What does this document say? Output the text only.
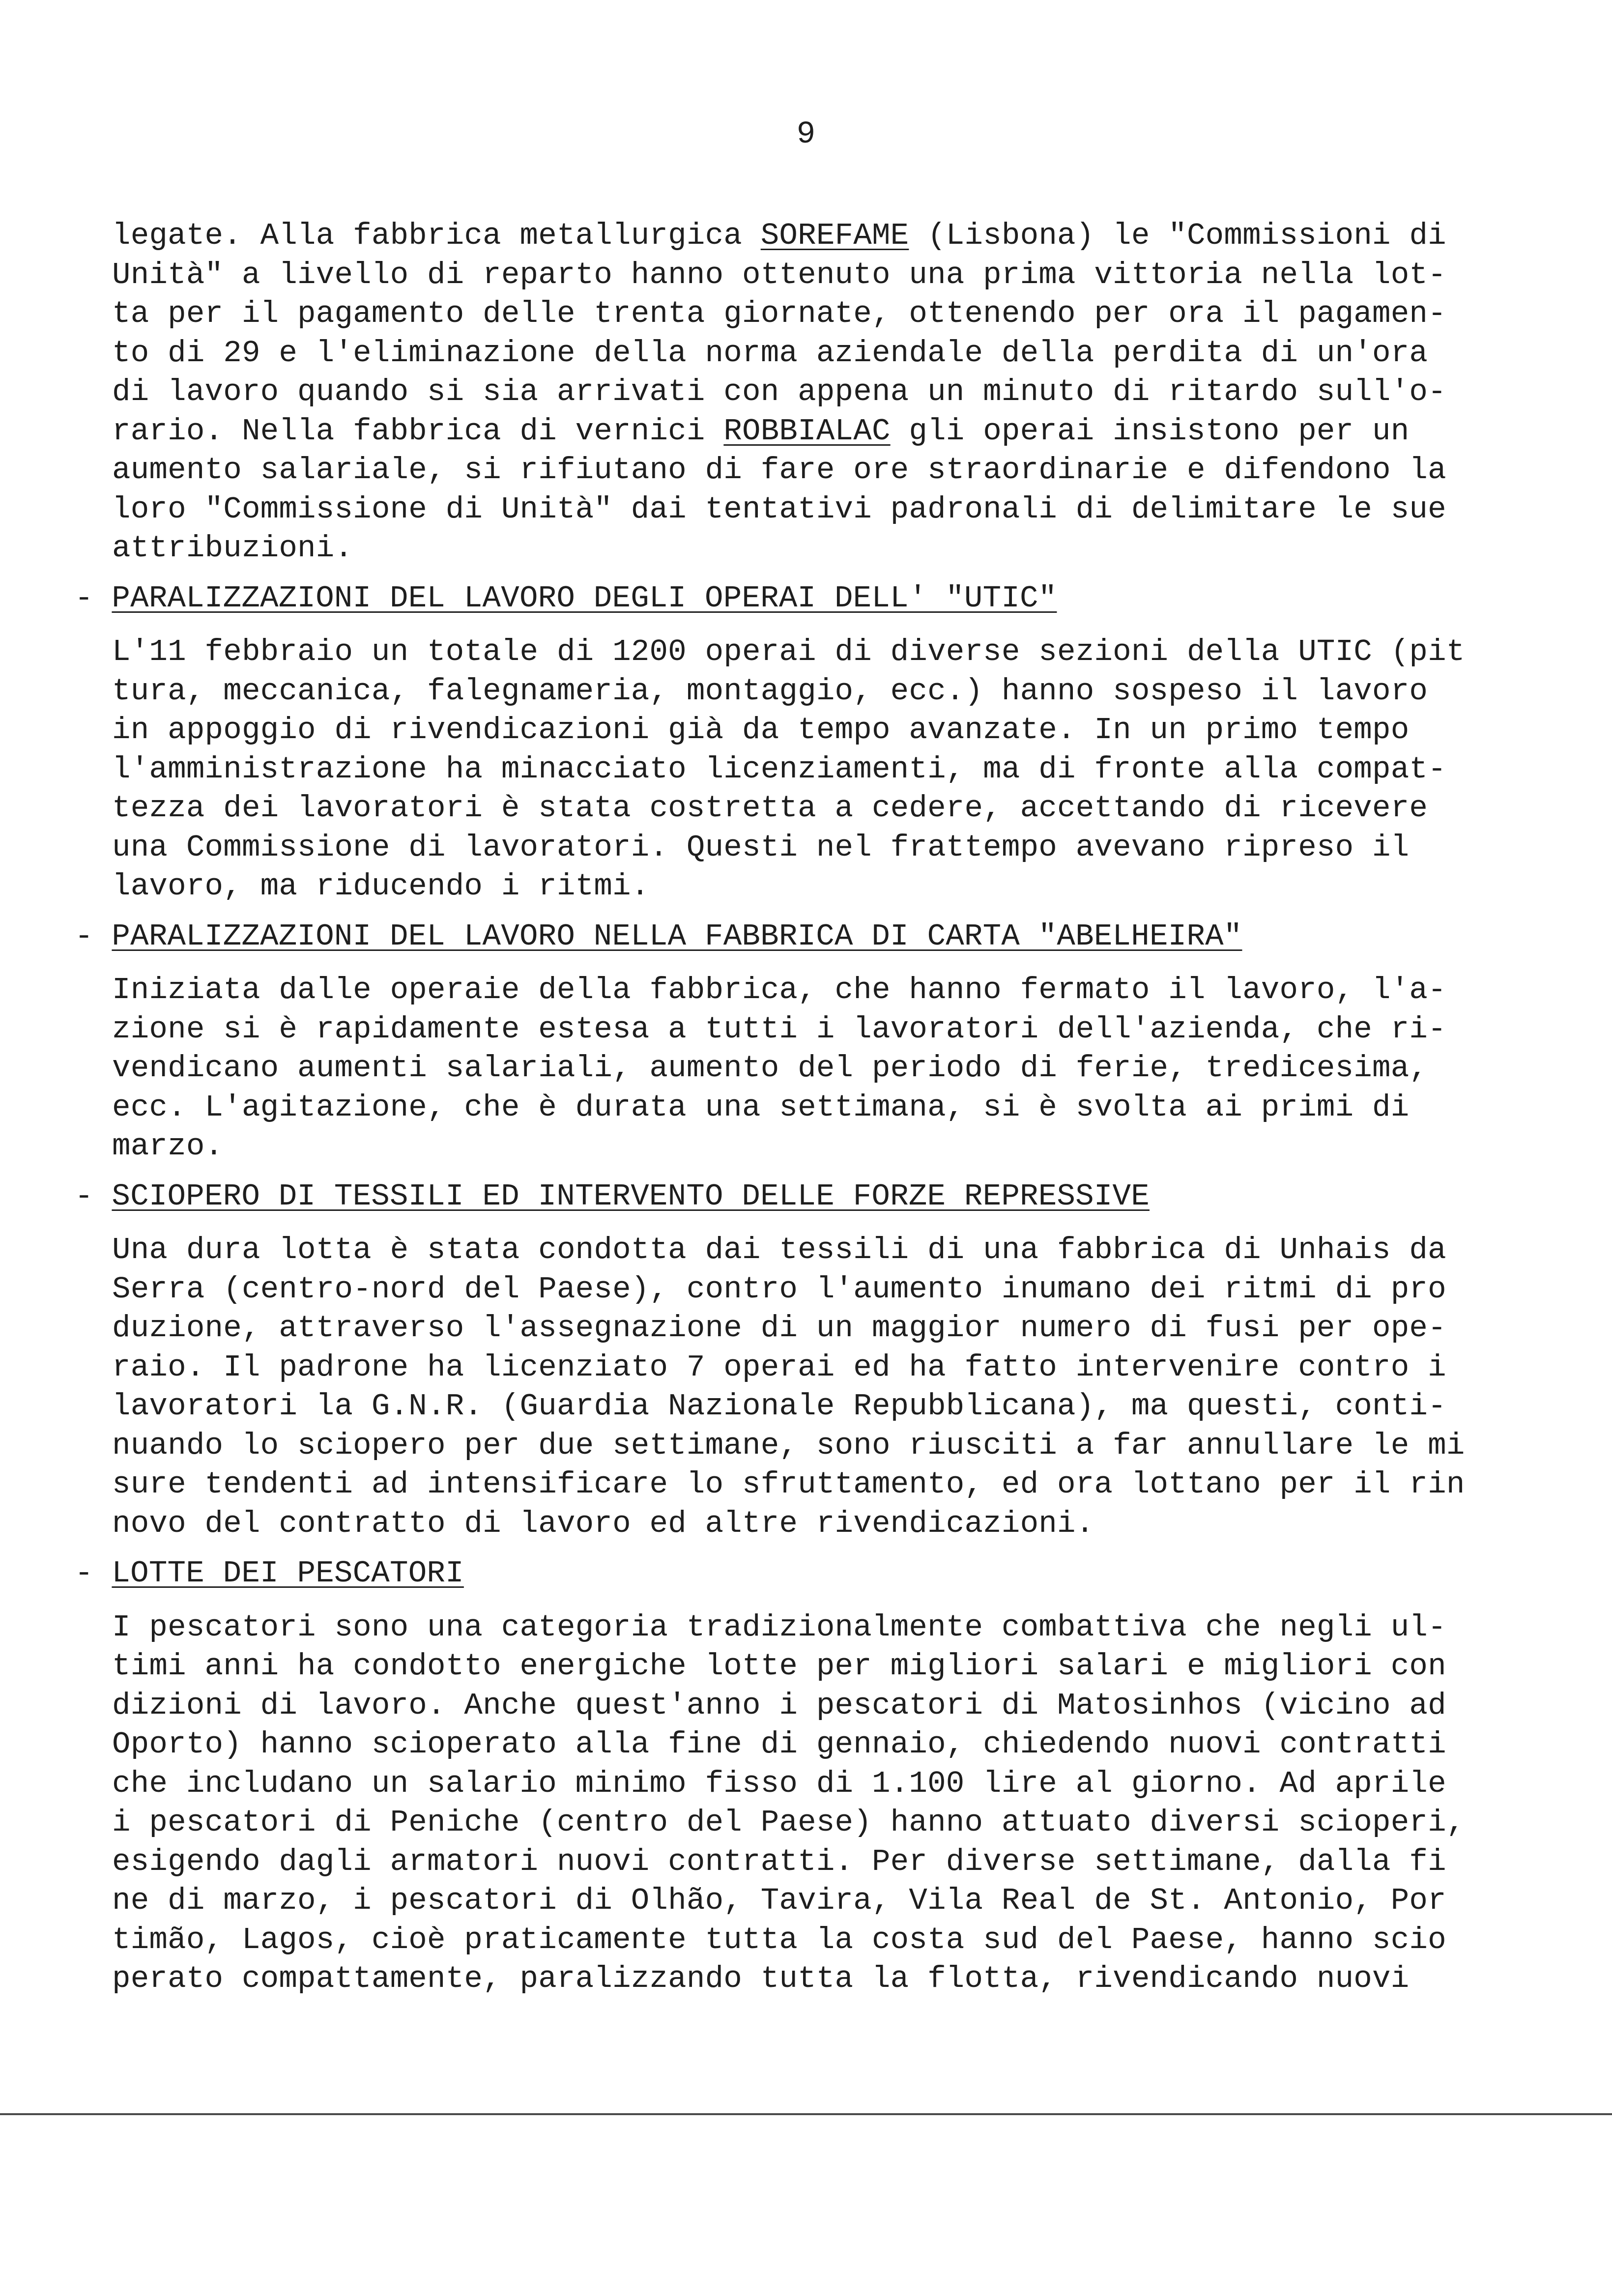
9
legate. Alla fabbrica metallurgica SOREFAME (Lisbona) le "Commissioni di
Unità" a livello di reparto hanno ottenuto una prima vittoria nella lot-
ta per il pagamento delle trenta giornate, ottenendo per ora il pagamen-
to di 29 e l'eliminazione della norma aziendale della perdita di un'ora
di lavoro quando si sia arrivati con appena un minuto di ritardo sull'o-
rario. Nella fabbrica di vernici ROBBIALAC gli operai insistono per un
aumento salariale, si rifiutano di fare ore straordinarie e difendono la
loro "Commissione di Unità" dai tentativi padronali di delimitare le sue
attribuzioni.
- PARALIZZAZIONI DEL LAVORO DEGLI OPERAI DELL' "UTIC"
L'11 febbraio un totale di 1200 operai di diverse sezioni della UTIC (pit
tura, meccanica, falegnameria, montaggio, ecc.) hanno sospeso il lavoro
in appoggio di rivendicazioni già da tempo avanzate. In un primo tempo
l'amministrazione ha minacciato licenziamenti, ma di fronte alla compat-
tezza dei lavoratori è stata costretta a cedere, accettando di ricevere
una Commissione di lavoratori. Questi nel frattempo avevano ripreso il
lavoro, ma riducendo i ritmi.
- PARALIZZAZIONI DEL LAVORO NELLA FABBRICA DI CARTA "ABELHEIRA"
Iniziata dalle operaie della fabbrica, che hanno fermato il lavoro, l'a-
zione si è rapidamente estesa a tutti i lavoratori dell'azienda, che ri-
vendicano aumenti salariali, aumento del periodo di ferie, tredicesima,
ecc. L'agitazione, che è durata una settimana, si è svolta ai primi di
marzo.
- SCIOPERO DI TESSILI ED INTERVENTO DELLE FORZE REPRESSIVE
Una dura lotta è stata condotta dai tessili di una fabbrica di Unhais da
Serra (centro-nord del Paese), contro l'aumento inumano dei ritmi di pro
duzione, attraverso l'assegnazione di un maggior numero di fusi per ope-
raio. Il padrone ha licenziato 7 operai ed ha fatto intervenire contro i
lavoratori la G.N.R. (Guardia Nazionale Repubblicana), ma questi, conti-
nuando lo sciopero per due settimane, sono riusciti a far annullare le mi
sure tendenti ad intensificare lo sfruttamento, ed ora lottano per il rin
novo del contratto di lavoro ed altre rivendicazioni.
- LOTTE DEI PESCATORI
I pescatori sono una categoria tradizionalmente combattiva che negli ul-
timi anni ha condotto energiche lotte per migliori salari e migliori con
dizioni di lavoro. Anche quest'anno i pescatori di Matosinhos (vicino ad
Oporto) hanno scioperato alla fine di gennaio, chiedendo nuovi contratti
che includano un salario minimo fisso di 1.100 lire al giorno. Ad aprile
i pescatori di Peniche (centro del Paese) hanno attuato diversi scioperi,
esigendo dagli armatori nuovi contratti. Per diverse settimane, dalla fi
ne di marzo, i pescatori di Olhão, Tavira, Vila Real de St. Antonio, Por
timão, Lagos, cioè praticamente tutta la costa sud del Paese, hanno scio
perato compattamente, paralizzando tutta la flotta, rivendicando nuovi
